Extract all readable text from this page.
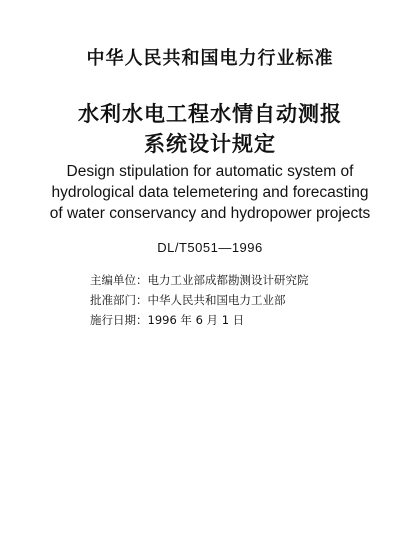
中华人民共和国电力行业标准
水利水电工程水情自动测报
系统设计规定
Design stipulation for automatic system of
hydrological data telemetering and forecasting
of water conservancy and hydropower projects
DL/T5051—1996
主编单位：电力工业部成都勘测设计研究院
批准部门：中华人民共和国电力工业部
施行日期：1996 年 6 月 1 日
